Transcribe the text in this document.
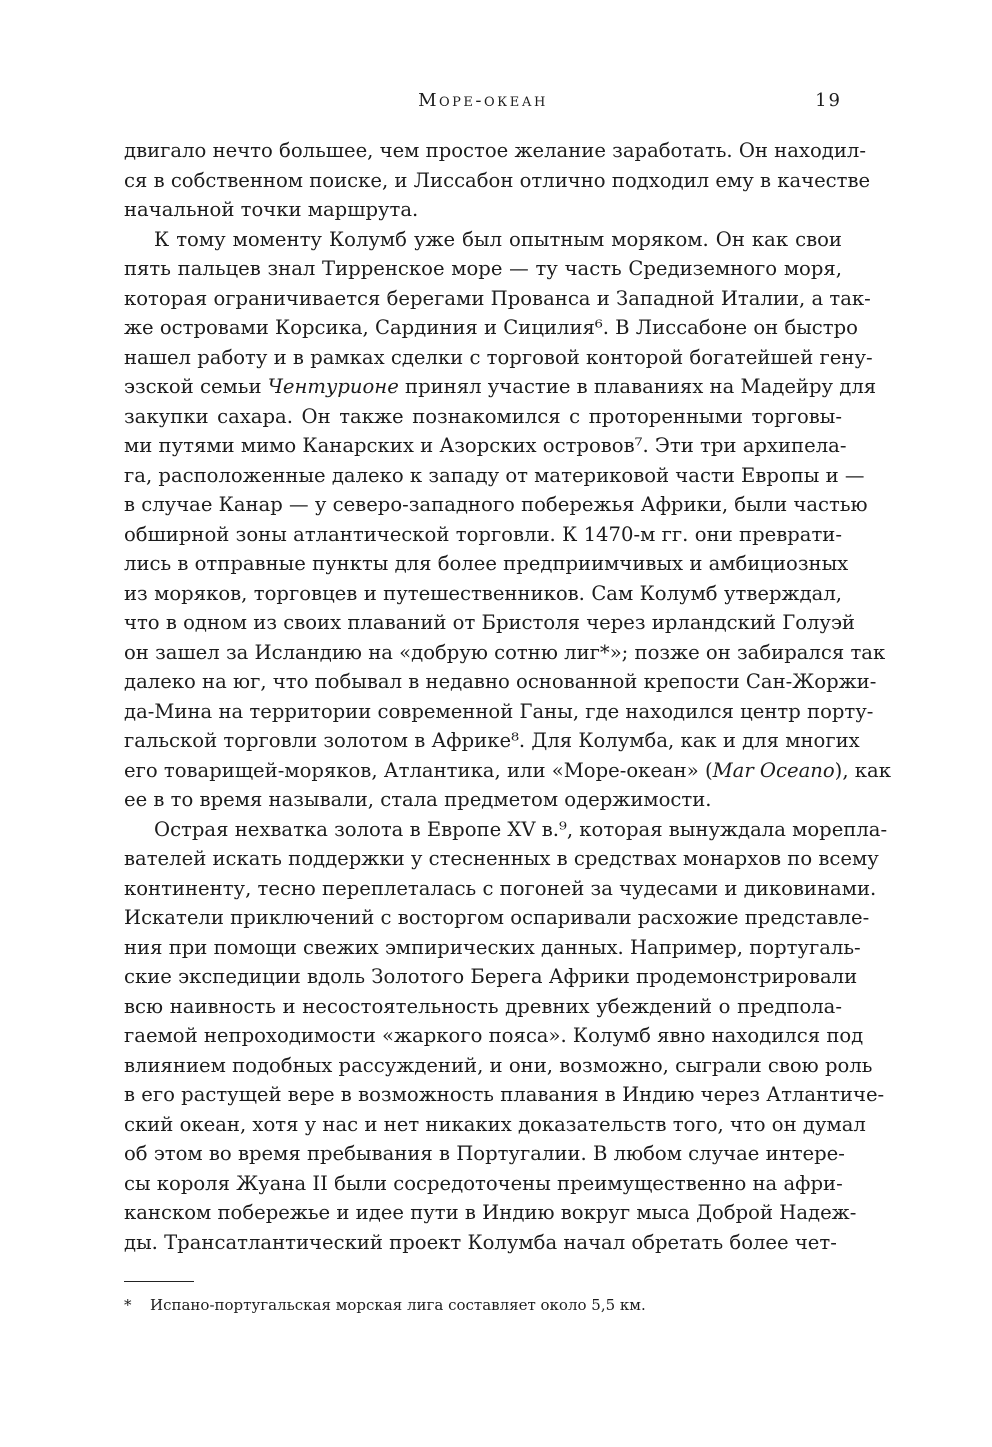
Море-океан	19

двигало нечто большее, чем простое желание заработать. Он находил-
ся в собственном поиске, и Лиссабон отлично подходил ему в качестве
начальной точки маршрута.

К тому моменту Колумб уже был опытным моряком. Он как свои
пять пальцев знал Тирренское море — ту часть Средиземного моря,
которая ограничивается берегами Прованса и Западной Италии, а так-
же островами Корсика, Сардиния и Сицилия⁶. В Лиссабоне он быстро
нашел работу и в рамках сделки с торговой конторой богатейшей гену-
эзской семьи Чентурионе принял участие в плаваниях на Мадейру для
закупки сахара. Он также познакомился с проторенными торговы-
ми путями мимо Канарских и Азорских островов⁷. Эти три архипела-
га, расположенные далеко к западу от материковой части Европы и —
в случае Канар — у северо-западного побережья Африки, были частью
обширной зоны атлантической торговли. К 1470-м гг. они преврати-
лись в отправные пункты для более предприимчивых и амбициозных
из моряков, торговцев и путешественников. Сам Колумб утверждал,
что в одном из своих плаваний от Бристоля через ирландский Голуэй
он зашел за Исландию на «добрую сотню лиг*»; позже он забирался так
далеко на юг, что побывал в недавно основанной крепости Сан-Жоржи-
да-Мина на территории современной Ганы, где находился центр порту-
гальской торговли золотом в Африке⁸. Для Колумба, как и для многих
его товарищей-моряков, Атлантика, или «Море-океан» (Mar Oceano), как
ее в то время называли, стала предметом одержимости.

Острая нехватка золота в Европе XV в.⁹, которая вынуждала морепла-
вателей искать поддержки у стесненных в средствах монархов по всему
континенту, тесно переплеталась с погоней за чудесами и диковинами.
Искатели приключений с восторгом оспаривали расхожие представле-
ния при помощи свежих эмпирических данных. Например, португаль-
ские экспедиции вдоль Золотого Берега Африки продемонстрировали
всю наивность и несостоятельность древних убеждений о предпола-
гаемой непроходимости «жаркого пояса». Колумб явно находился под
влиянием подобных рассуждений, и они, возможно, сыграли свою роль
в его растущей вере в возможность плавания в Индию через Атлантиче-
ский океан, хотя у нас и нет никаких доказательств того, что он думал
об этом во время пребывания в Португалии. В любом случае интере-
сы короля Жуана II были сосредоточены преимущественно на афри-
канском побережье и идее пути в Индию вокруг мыса Доброй Надеж-
ды. Трансатлантический проект Колумба начал обретать более чет-

* Испано-португальская морская лига составляет около 5,5 км.
